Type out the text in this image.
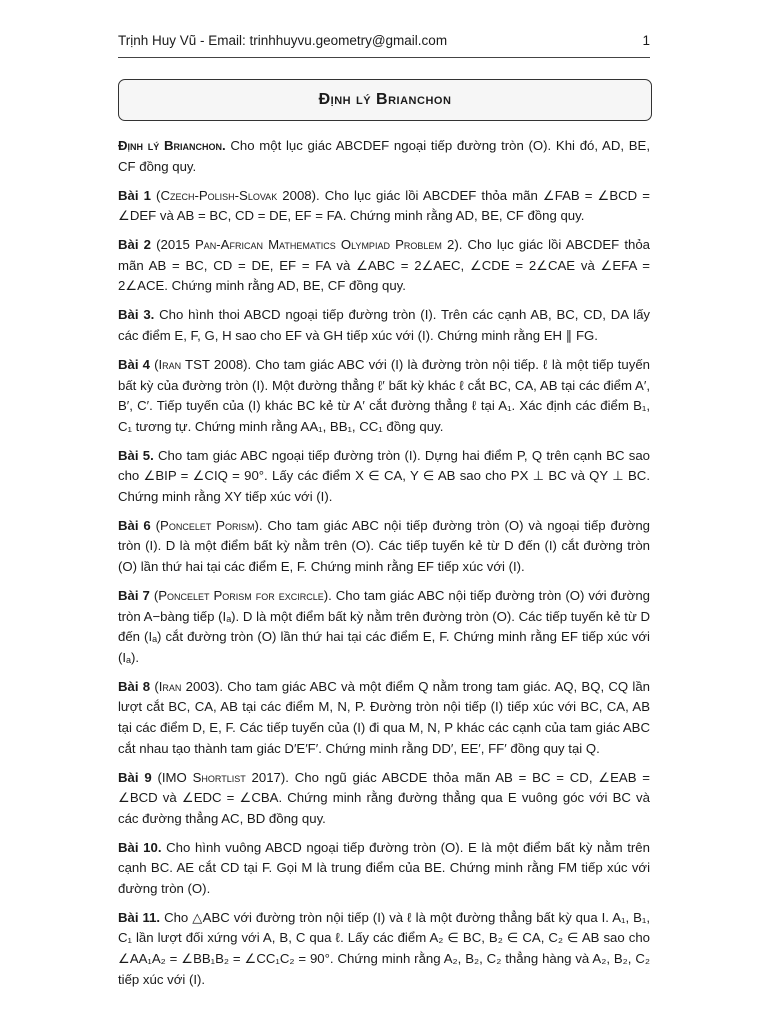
Trịnh Huy Vũ - Email: trinhhuyvu.geometry@gmail.com	1
Định lý Brianchon

Định lý Brianchon. Cho một lục giác ABCDEF ngoại tiếp đường tròn (O). Khi đó, AD, BE, CF đồng quy.

Bài 1 (Czech-Polish-Slovak 2008). Cho lục giác lồi ABCDEF thỏa mãn ∠FAB = ∠BCD = ∠DEF và AB = BC, CD = DE, EF = FA. Chứng minh rằng AD, BE, CF đồng quy.

Bài 2 (2015 Pan-African Mathematics Olympiad Problem 2). Cho lục giác lồi ABCDEF thỏa mãn AB = BC, CD = DE, EF = FA và ∠ABC = 2∠AEC, ∠CDE = 2∠CAE và ∠EFA = 2∠ACE. Chứng minh rằng AD, BE, CF đồng quy.

Bài 3. Cho hình thoi ABCD ngoại tiếp đường tròn (I). Trên các cạnh AB, BC, CD, DA lấy các điểm E, F, G, H sao cho EF và GH tiếp xúc với (I). Chứng minh rằng EH ∥ FG.

Bài 4 (Iran TST 2008). Cho tam giác ABC với (I) là đường tròn nội tiếp. ℓ là một tiếp tuyến bất kỳ của đường tròn (I). Một đường thẳng ℓ′ bất kỳ khác ℓ cắt BC, CA, AB tại các điểm A′, B′, C′. Tiếp tuyến của (I) khác BC kẻ từ A′ cắt đường thẳng ℓ tại A₁. Xác định các điểm B₁, C₁ tương tự. Chứng minh rằng AA₁, BB₁, CC₁ đồng quy.

Bài 5. Cho tam giác ABC ngoại tiếp đường tròn (I). Dựng hai điểm P, Q trên cạnh BC sao cho ∠BIP = ∠CIQ = 90°. Lấy các điểm X ∈ CA, Y ∈ AB sao cho PX ⊥ BC và QY ⊥ BC. Chứng minh rằng XY tiếp xúc với (I).

Bài 6 (Poncelet Porism). Cho tam giác ABC nội tiếp đường tròn (O) và ngoại tiếp đường tròn (I). D là một điểm bất kỳ nằm trên (O). Các tiếp tuyến kẻ từ D đến (I) cắt đường tròn (O) lần thứ hai tại các điểm E, F. Chứng minh rằng EF tiếp xúc với (I).

Bài 7 (Poncelet Porism for excircle). Cho tam giác ABC nội tiếp đường tròn (O) với đường tròn A−bàng tiếp (Iₐ). D là một điểm bất kỳ nằm trên đường tròn (O). Các tiếp tuyến kẻ từ D đến (Iₐ) cắt đường tròn (O) lần thứ hai tại các điểm E, F. Chứng minh rằng EF tiếp xúc với (Iₐ).

Bài 8 (Iran 2003). Cho tam giác ABC và một điểm Q nằm trong tam giác. AQ, BQ, CQ lần lượt cắt BC, CA, AB tại các điểm M, N, P. Đường tròn nội tiếp (I) tiếp xúc với BC, CA, AB tại các điểm D, E, F. Các tiếp tuyến của (I) đi qua M, N, P khác các cạnh của tam giác ABC cắt nhau tạo thành tam giác D′E′F′. Chứng minh rằng DD′, EE′, FF′ đồng quy tại Q.

Bài 9 (IMO Shortlist 2017). Cho ngũ giác ABCDE thỏa mãn AB = BC = CD, ∠EAB = ∠BCD và ∠EDC = ∠CBA. Chứng minh rằng đường thẳng qua E vuông góc với BC và các đường thẳng AC, BD đồng quy.

Bài 10. Cho hình vuông ABCD ngoại tiếp đường tròn (O). E là một điểm bất kỳ nằm trên cạnh BC. AE cắt CD tại F. Gọi M là trung điểm của BE. Chứng minh rằng FM tiếp xúc với đường tròn (O).

Bài 11. Cho △ABC với đường tròn nội tiếp (I) và ℓ là một đường thẳng bất kỳ qua I. A₁, B₁, C₁ lần lượt đối xứng với A, B, C qua ℓ. Lấy các điểm A₂ ∈ BC, B₂ ∈ CA, C₂ ∈ AB sao cho ∠AA₁A₂ = ∠BB₁B₂ = ∠CC₁C₂ = 90°. Chứng minh rằng A₂, B₂, C₂ thẳng hàng và A₂, B₂, C₂ tiếp xúc với (I).
